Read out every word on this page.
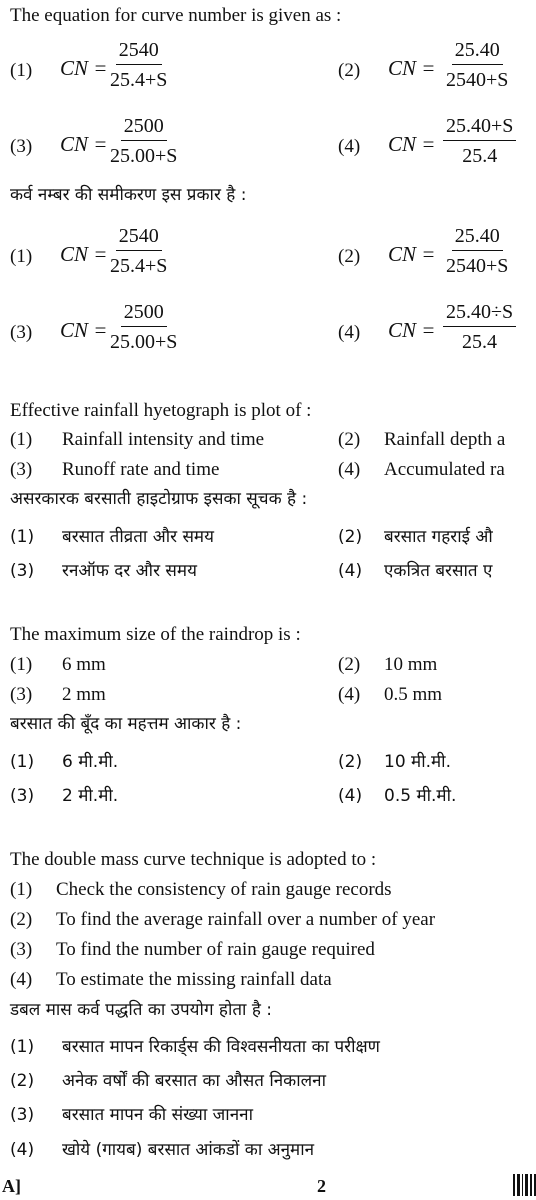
The equation for curve number is given as :
(1) CN = $\frac{2540}{25.4+S}$	(2) CN = $\frac{25.40}{2540+S}$
(3) CN = $\frac{2500}{25.00+S}$	(4) CN = $\frac{25.40+S}{25.4}$
कर्व नम्बर की समीकरण इस प्रकार है :
(1) CN = $\frac{2540}{25.4+S}$	(2) CN = $\frac{25.40}{2540+S}$
(3) CN = $\frac{2500}{25.00+S}$	(4) CN = $\frac{25.40\div S}{25.4}$
Effective rainfall hyetograph is plot of :
(1) Rainfall intensity and time	(2) Rainfall depth a
(3) Runoff rate and time	(4) Accumulated ra
असरकारक बरसाती हाइटोग्राफ इसका सूचक है :
(1) बरसात तीव्रता और समय	(2) बरसात गहराई औ
(3) रनऑफ दर और समय	(4) एकत्रित बरसात ए
The maximum size of the raindrop is :
(1) 6 mm	(2) 10 mm
(3) 2 mm	(4) 0.5 mm
बरसात की बूँद का महत्तम आकार है :
(1) 6 मी.मी.	(2) 10 मी.मी.
(3) 2 मी.मी.	(4) 0.5 मी.मी.
The double mass curve technique is adopted to :
(1) Check the consistency of rain gauge records
(2) To find the average rainfall over a number of year
(3) To find the number of rain gauge required
(4) To estimate the missing rainfall data
डबल मास कर्व पद्धति का उपयोग होता है :
(1) बरसात मापन रिकार्ड्स की विश्वसनीयता का परीक्षण
(2) अनेक वर्षों की बरसात का औसत निकालना
(3) बरसात मापन की संख्या जानना
(4) खोये (गायब) बरसात आंकडों का अनुमान
A]	2
